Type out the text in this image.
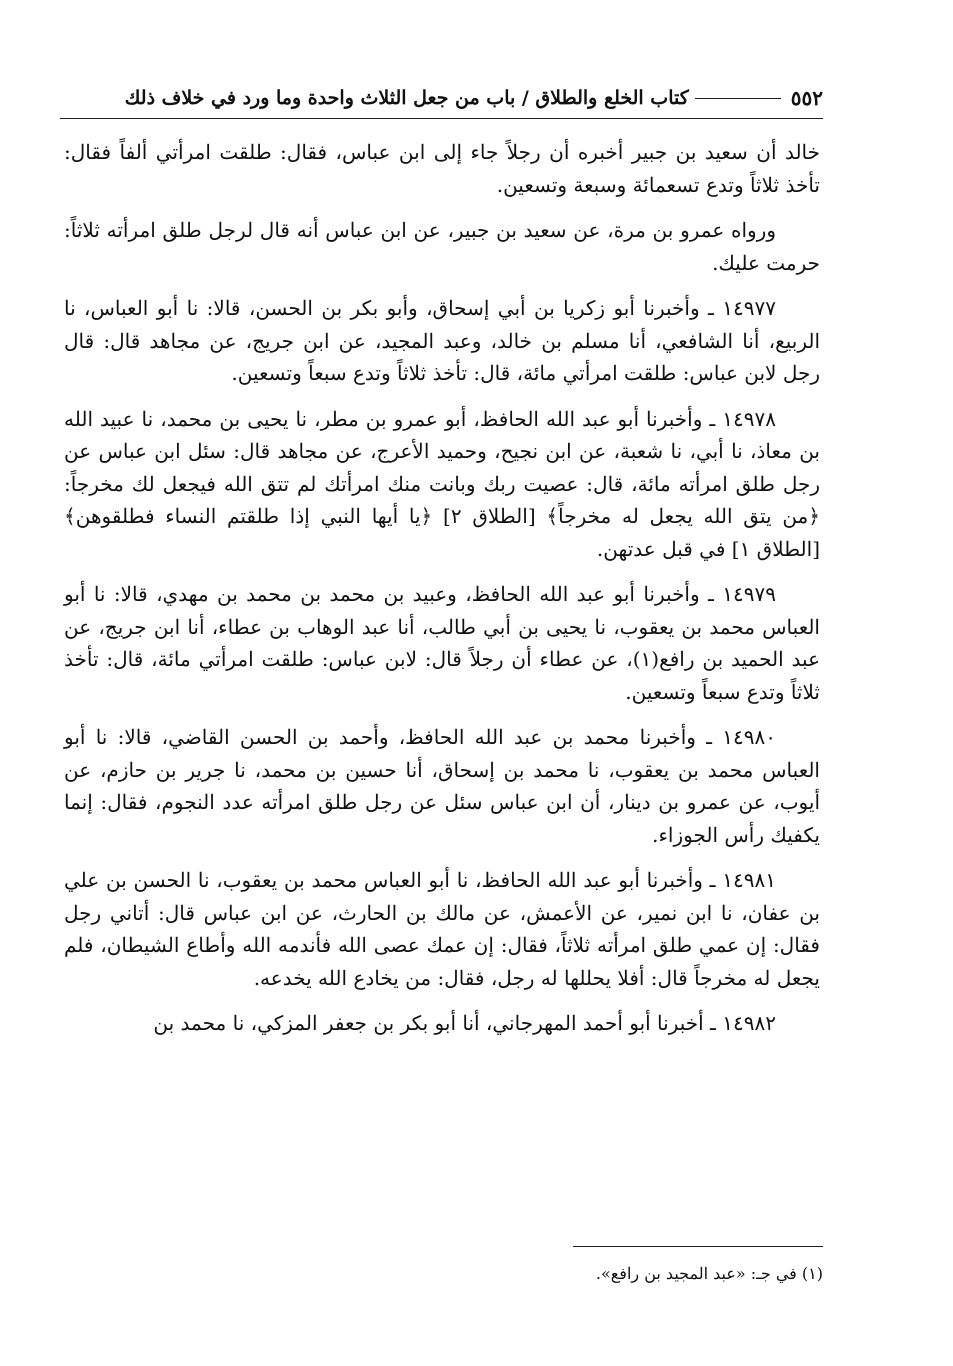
٥٥٢
كتاب الخلع والطلاق / باب من جعل الثلاث واحدة وما ورد في خلاف ذلك

خالد أن سعيد بن جبير أخبره أن رجلاً جاء إلى ابن عباس، فقال: طلقت امرأتي ألفاً فقال: تأخذ ثلاثاً وتدع تسعمائة وسبعة وتسعين.

ورواه عمرو بن مرة، عن سعيد بن جبير، عن ابن عباس أنه قال لرجل طلق امرأته ثلاثاً: حرمت عليك.

١٤٩٧٧ ـ وأخبرنا أبو زكريا بن أبي إسحاق، وأبو بكر بن الحسن، قالا: نا أبو العباس، نا الربيع، أنا الشافعي، أنا مسلم بن خالد، وعبد المجيد، عن ابن جريج، عن مجاهد قال: قال رجل لابن عباس: طلقت امرأتي مائة، قال: تأخذ ثلاثاً وتدع سبعاً وتسعين.

١٤٩٧٨ ـ وأخبرنا أبو عبد الله الحافظ، أبو عمرو بن مطر، نا يحيى بن محمد، نا عبيد الله بن معاذ، نا أبي، نا شعبة، عن ابن نجيح، وحميد الأعرج، عن مجاهد قال: سئل ابن عباس عن رجل طلق امرأته مائة، قال: عصيت ربك وبانت منك امرأتك لم تتق الله فيجعل لك مخرجاً: ﴿من يتق الله يجعل له مخرجاً﴾ [الطلاق ٢] ﴿يا أيها النبي إذا طلقتم النساء فطلقوهن﴾ [الطلاق ١] في قبل عدتهن.

١٤٩٧٩ ـ وأخبرنا أبو عبد الله الحافظ، وعبيد بن محمد بن محمد بن مهدي، قالا: نا أبو العباس محمد بن يعقوب، نا يحيى بن أبي طالب، أنا عبد الوهاب بن عطاء، أنا ابن جريج، عن عبد الحميد بن رافع(١)، عن عطاء أن رجلاً قال: لابن عباس: طلقت امرأتي مائة، قال: تأخذ ثلاثاً وتدع سبعاً وتسعين.

١٤٩٨٠ ـ وأخبرنا محمد بن عبد الله الحافظ، وأحمد بن الحسن القاضي، قالا: نا أبو العباس محمد بن يعقوب، نا محمد بن إسحاق، أنا حسين بن محمد، نا جرير بن حازم، عن أيوب، عن عمرو بن دينار، أن ابن عباس سئل عن رجل طلق امرأته عدد النجوم، فقال: إنما يكفيك رأس الجوزاء.

١٤٩٨١ ـ وأخبرنا أبو عبد الله الحافظ، نا أبو العباس محمد بن يعقوب، نا الحسن بن علي بن عفان، نا ابن نمير، عن الأعمش، عن مالك بن الحارث، عن ابن عباس قال: أتاني رجل فقال: إن عمي طلق امرأته ثلاثاً، فقال: إن عمك عصى الله فأندمه الله وأطاع الشيطان، فلم يجعل له مخرجاً قال: أفلا يحللها له رجل، فقال: من يخادع الله يخدعه.

١٤٩٨٢ ـ أخبرنا أبو أحمد المهرجاني، أنا أبو بكر بن جعفر المزكي، نا محمد بن

(١) في جـ: «عبد المجيد بن رافع».
